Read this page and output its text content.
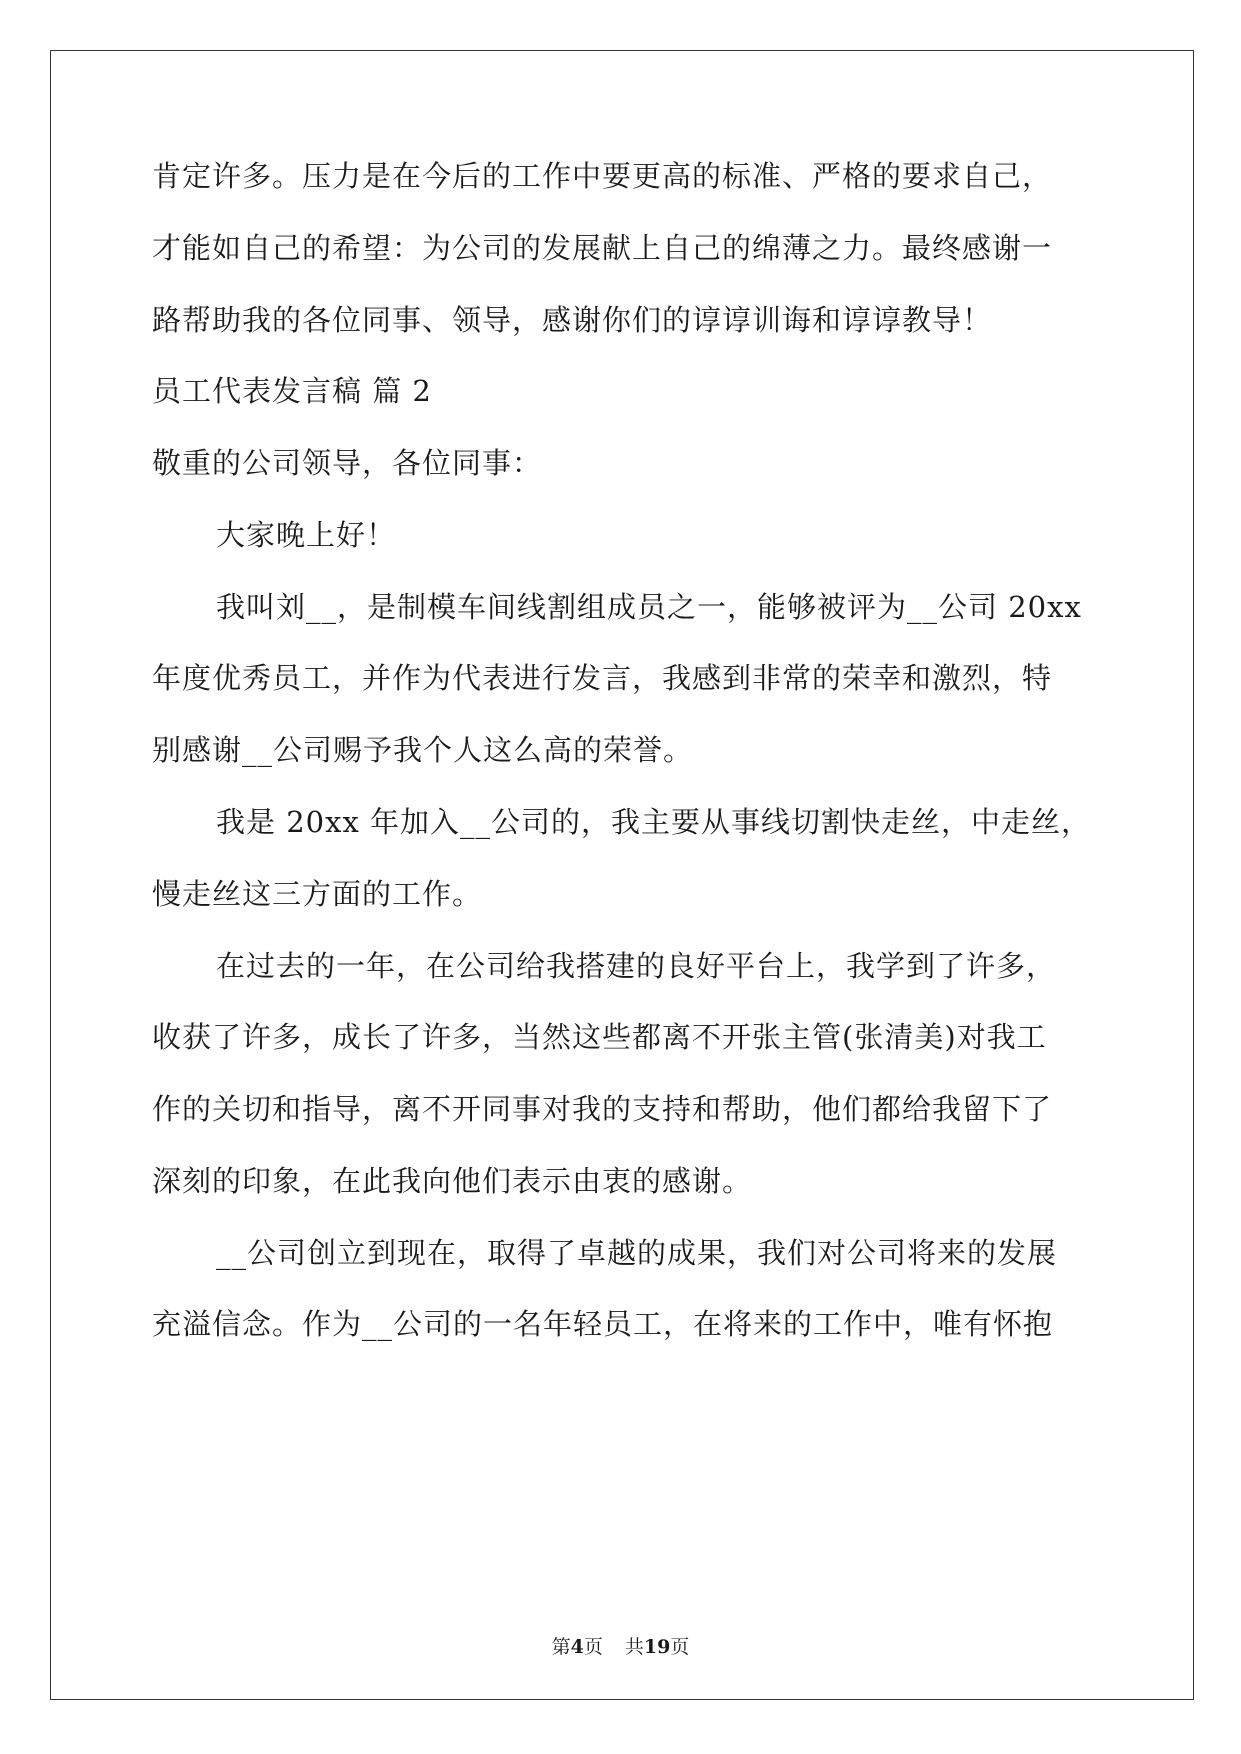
肯定许多。压力是在今后的工作中要更高的标准、严格的要求自己，
才能如自己的希望：为公司的发展献上自己的绵薄之力。最终感谢一
路帮助我的各位同事、领导，感谢你们的谆谆训诲和谆谆教导！
员工代表发言稿 篇 2
敬重的公司领导，各位同事：
大家晚上好！
我叫刘__，是制模车间线割组成员之一，能够被评为__公司 20xx
年度优秀员工，并作为代表进行发言，我感到非常的荣幸和激烈，特
别感谢__公司赐予我个人这么高的荣誉。
我是 20xx 年加入__公司的，我主要从事线切割快走丝，中走丝，
慢走丝这三方面的工作。
在过去的一年，在公司给我搭建的良好平台上，我学到了许多，
收获了许多，成长了许多，当然这些都离不开张主管(张清美)对我工
作的关切和指导，离不开同事对我的支持和帮助，他们都给我留下了
深刻的印象，在此我向他们表示由衷的感谢。
__公司创立到现在，取得了卓越的成果，我们对公司将来的发展
充溢信念。作为__公司的一名年轻员工，在将来的工作中，唯有怀抱
第4页 共19页
